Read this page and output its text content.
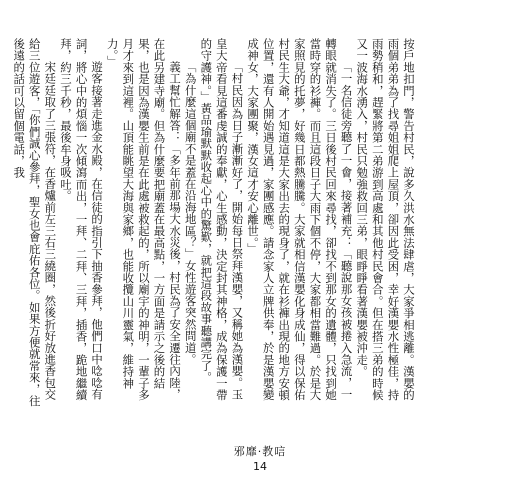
按戶地扣門，警告村民，說多久洪水無法肆虐，大家爭相逃離。漢嬰的雨個弟弟為了找尋姐姐爬上屋頂，卻因此受困，幸好漢嬰水性極佳，持雨勢稍和，趕緊將第二弟游到高處和其他村民會合。但在搭三弟的時候又一波海水湧入，村民只勉強救回三弟，眼睜睜看著漢嬰被沖走。

「一名信徒旁聽了一會，接著補充：「聽說那女孩被捲入急流，一轉眼就消失了。三日後村民回來尋找，卻找不到那女的遺體，只找到她當時穿的衫褲。而且這段日子大雨下個不停，大家都相當難過。於是大家照見的托夢，好幾日都熱騰騰。大家就相信漢嬰化身成仙，得以保佑村民生大爺，才知道這是大家出去的現身了，就在衫褲出現的地方安頓位置，還有人開始遇見過，家團感應。請念家人立牌供奉，於是漢嬰變成神女，大家團聚，漢女這才安心離世。」

「村民因為日子漸漸好了，開始每日祭拜漢嬰，又稱她為漢嬰。玉皇大帝看見這番虔誠的奉獻，心生感動，決定封其神格，成為保護一帶的守護神。」黃品瑜默默收起心中的驚歎，就把這段故事聽講完了。

「為什麼這個廟不是蓋在沿海地區？」女性遊客突然問道。

義工幫忙解答：「多年前那場大水災後，村民為了安全遷往內陸，在此另建寺廟。但為什麼要把廟蓋在最高點，一方面是請示之後的結果，也是因為漢嬰生前是在此處被救起的，所以廟宇的神明，一輩子多月才來到這裡。山頂能眺望大海與家鄉，也能收攬山川靈氣，維持神力。」

遊客接著走進金水殿，在信徒的指引下抽香參拜，他們口中唸唸有詞，將心中的煩惱一次傾瀉而出，一拜、二拜、三拜，插香，跪地繼續拜，約三千秒，最後牟身吸吐。

宋廷廷取了三張符，在香爐前左三右三繞圈，然後折好放進香包交給三位遊客，「你們誠心參拜，聖女也會庇佑各位。如果方便就常來，往後遠的話可以留個電話，我

邪靡·教唁
14
